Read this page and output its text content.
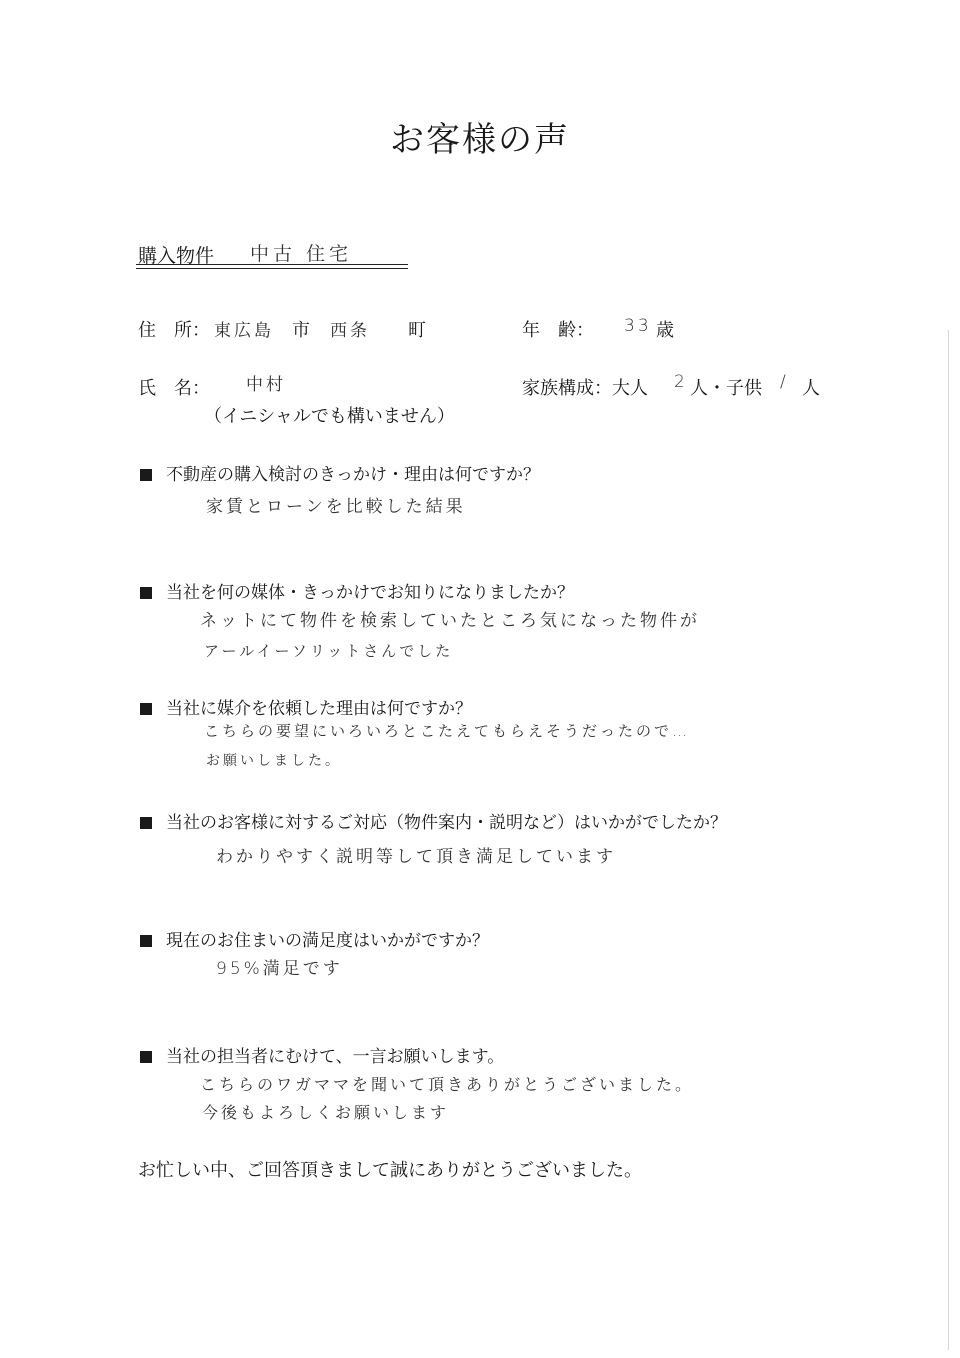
お客様の声
購入物件 中古 住宅
住　所： 東広島 市 西条 町	年　齢： 33 歳
氏　名： 中村
（イニシャルでも構いません）
家族構成：大人 2 人・子供 / 人
不動産の購入検討のきっかけ・理由は何ですか？
家賃とローンを比較した結果
当社を何の媒体・きっかけでお知りになりましたか？
ネットにて物件を検索していたところ気になった物件が
アールイーソリットさんでした
当社に媒介を依頼した理由は何ですか？
こちらの要望にいろいろとこたえてもらえそうだったので…
お願いしました。
当社のお客様に対するご対応（物件案内・説明など）はいかがでしたか？
わかりやすく説明等して頂き満足しています
現在のお住まいの満足度はいかがですか？
95%満足です
当社の担当者にむけて、一言お願いします。
こちらのワガママを聞いて頂きありがとうございました。
今後もよろしくお願いします
お忙しい中、ご回答頂きまして誠にありがとうございました。
